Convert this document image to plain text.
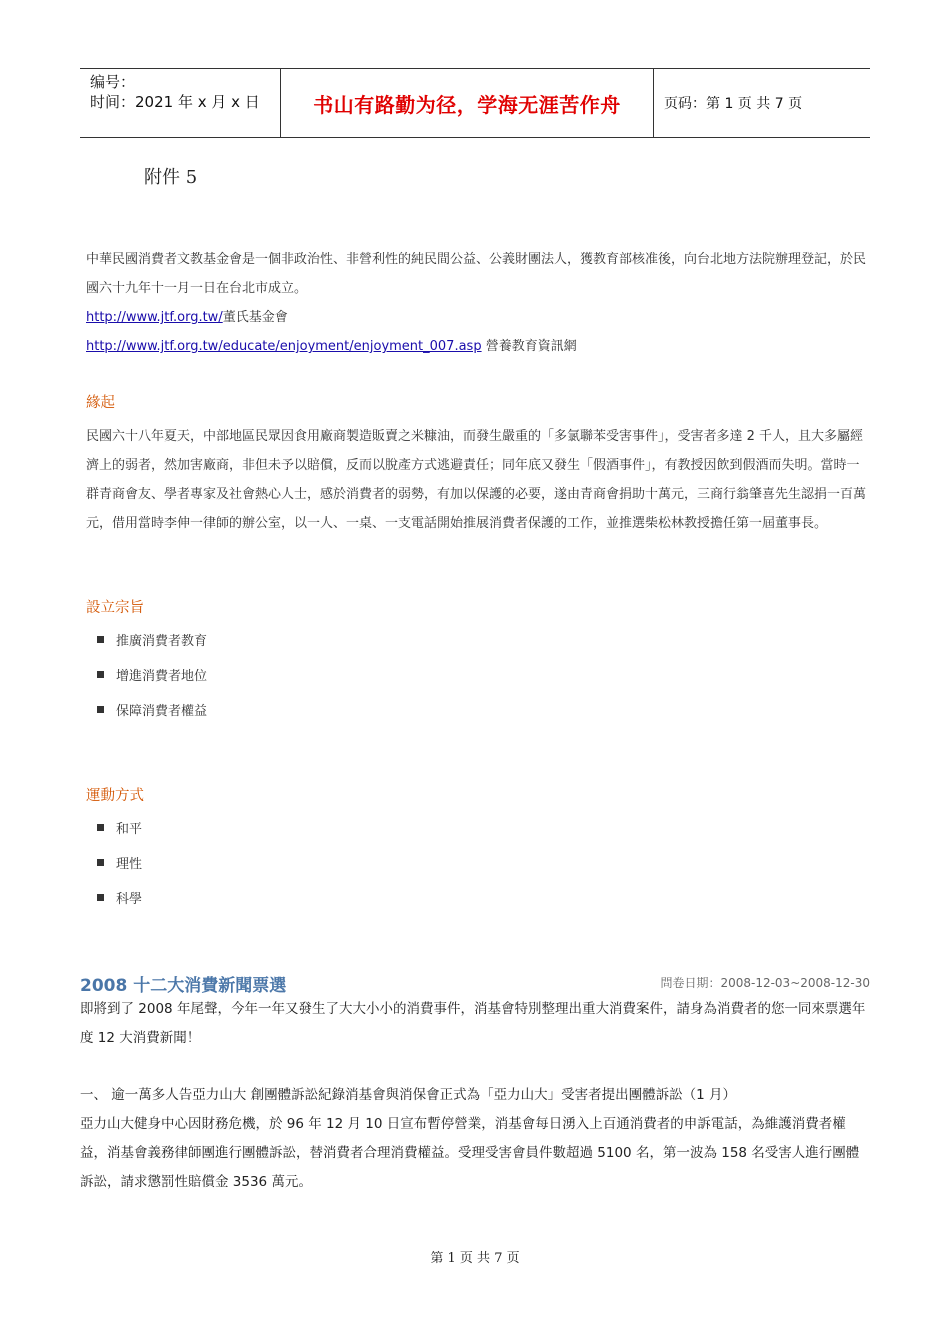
编号：
时间：2021 年 x 月 x 日	书山有路勤为径，学海无涯苦作舟	页码：第 1 页 共 7 页
附件 5
中華民國消費者文教基金會是一個非政治性、非營利性的純民間公益、公義財團法人，獲教育部核准後，向台北地方法院辦理登記，於民國六十九年十一月一日在台北市成立。
http://www.jtf.org.tw/董氏基金會
http://www.jtf.org.tw/educate/enjoyment/enjoyment_007.asp 營養教育資訊網
緣起
民國六十八年夏天，中部地區民眾因食用廠商製造販賣之米糠油，而發生嚴重的「多氯聯苯受害事件」，受害者多達 2 千人，且大多屬經濟上的弱者，然加害廠商，非但未予以賠償，反而以脫產方式逃避責任；同年底又發生「假酒事件」，有教授因飲到假酒而失明。當時一群青商會友、學者專家及社會熱心人士，感於消費者的弱勢，有加以保護的必要，遂由青商會捐助十萬元，三商行翁肇喜先生認捐一百萬元，借用當時李伸一律師的辦公室，以一人、一桌、一支電話開始推展消費者保護的工作，並推選柴松林教授擔任第一屆董事長。
設立宗旨
推廣消費者教育
增進消費者地位
保障消費者權益
運動方式
和平
理性
科學
2008 十二大消費新聞票選	問卷日期：2008-12-03~2008-12-30
即將到了 2008 年尾聲，今年一年又發生了大大小小的消費事件，消基會特別整理出重大消費案件，請身為消費者的您一同來票選年度 12 大消費新聞！
一、 逾一萬多人告亞力山大 創團體訴訟紀錄消基會與消保會正式為「亞力山大」受害者提出團體訴訟（1 月）
亞力山大健身中心因財務危機，於 96 年 12 月 10 日宣布暫停營業，消基會每日湧入上百通消費者的申訴電話，為維護消費者權益，消基會義務律師團進行團體訴訟，替消費者合理消費權益。受理受害會員件數超過 5100 名，第一波為 158 名受害人進行團體訴訟，請求懲罰性賠償金 3536 萬元。
第 1 页 共 7 页
